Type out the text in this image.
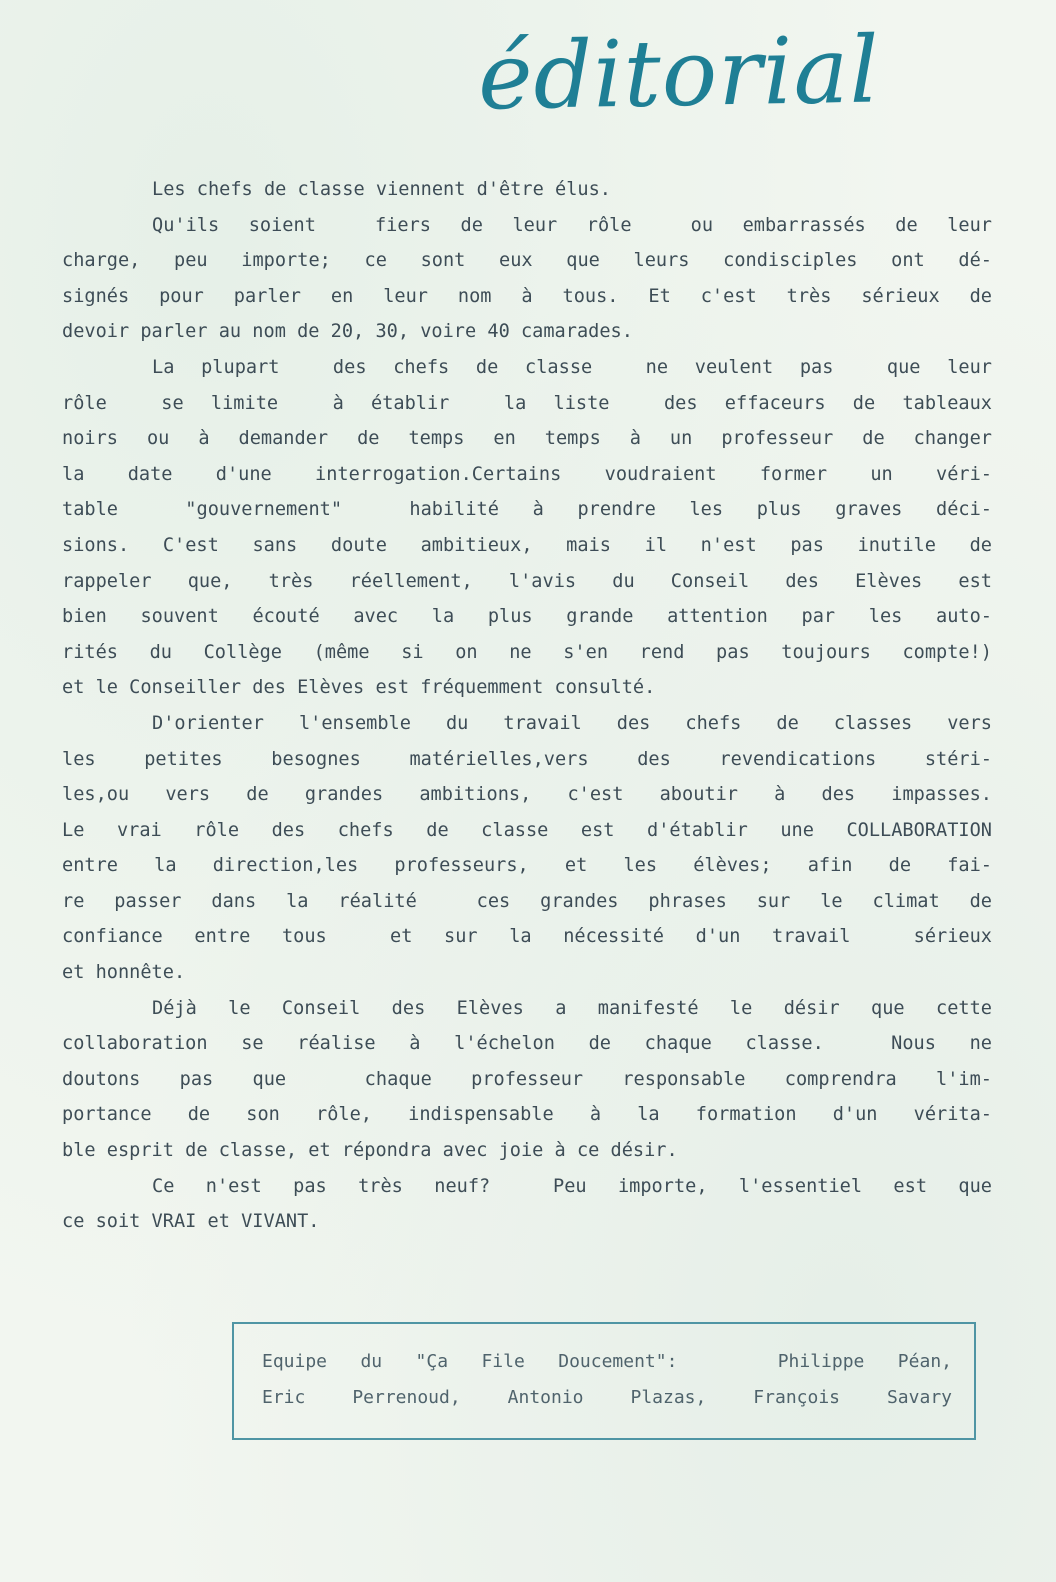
éditorial
Les chefs de classe viennent d'être élus.
Qu'ils soient  fiers de leur rôle  ou embarrassés de leur
charge, peu importe; ce sont eux que leurs condisciples ont dé-
signés pour parler en leur nom à tous. Et c'est très sérieux de
devoir parler au nom de 20, 30, voire 40 camarades.
La plupart  des chefs de classe  ne veulent pas  que leur
rôle  se limite  à établir  la liste  des effaceurs de tableaux
noirs ou à demander de temps en temps à un professeur de changer
la date d'une interrogation.Certains voudraient former un véri-
table  "gouvernement"  habilité à prendre les plus graves déci-
sions. C'est sans doute ambitieux, mais il n'est pas inutile de
rappeler que, très réellement, l'avis du Conseil des Elèves est
bien souvent écouté avec la plus grande attention par les auto-
rités du Collège (même si on ne s'en rend pas toujours compte!)
et le Conseiller des Elèves est fréquemment consulté.
D'orienter l'ensemble du travail des chefs de classes vers
les petites besognes matérielles,vers des revendications stéri-
les,ou vers de grandes ambitions, c'est aboutir à des impasses.
Le vrai rôle des chefs de classe est d'établir une COLLABORATION
entre la direction,les professeurs, et les élèves; afin de fai-
re passer dans la réalité  ces grandes phrases sur le climat de
confiance entre tous  et sur la nécessité d'un travail  sérieux
et honnête.
Déjà le Conseil des Elèves a manifesté le désir que cette
collaboration se réalise à l'échelon de chaque classe.  Nous ne
doutons pas que  chaque professeur responsable comprendra l'im-
portance de son rôle, indispensable à la formation d'un vérita-
ble esprit de classe, et répondra avec joie à ce désir.
Ce n'est pas très neuf?  Peu importe, l'essentiel est que
ce soit VRAI et VIVANT.
Equipe du "Ça File Doucement":   Philippe Péan,
Eric Perrenoud, Antonio Plazas, François Savary
